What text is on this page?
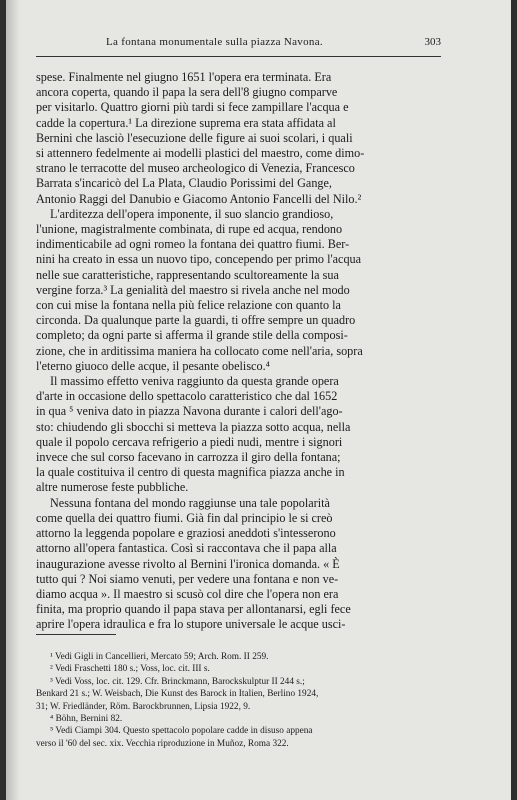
La fontana monumentale sulla piazza Navona.	303
spese. Finalmente nel giugno 1651 l'opera era terminata. Era
ancora coperta, quando il papa la sera dell'8 giugno comparve
per visitarlo. Quattro giorni più tardi si fece zampillare l'acqua e
cadde la copertura.¹ La direzione suprema era stata affidata al
Bernini che lasciò l'esecuzione delle figure ai suoi scolari, i quali
si attennero fedelmente ai modelli plastici del maestro, come dimo-
strano le terracotte del museo archeologico di Venezia, Francesco
Barrata s'incaricò del La Plata, Claudio Porissimi del Gange,
Antonio Raggi del Danubio e Giacomo Antonio Fancelli del Nilo.²
L'arditezza dell'opera imponente, il suo slancio grandioso,
l'unione, magistralmente combinata, di rupe ed acqua, rendono
indimenticabile ad ogni romeo la fontana dei quattro fiumi. Ber-
nini ha creato in essa un nuovo tipo, concependo per primo l'acqua
nelle sue caratteristiche, rappresentando scultoreamente la sua
vergine forza.³ La genialità del maestro si rivela anche nel modo
con cui mise la fontana nella più felice relazione con quanto la
circonda. Da qualunque parte la guardi, ti offre sempre un quadro
completo; da ogni parte si afferma il grande stile della composi-
zione, che in arditissima maniera ha collocato come nell'aria, sopra
l'eterno giuoco delle acque, il pesante obelisco.⁴
Il massimo effetto veniva raggiunto da questa grande opera
d'arte in occasione dello spettacolo caratteristico che dal 1652
in qua ⁵ veniva dato in piazza Navona durante i calori dell'ago-
sto: chiudendo gli sbocchi si metteva la piazza sotto acqua, nella
quale il popolo cercava refrigerio a piedi nudi, mentre i signori
invece che sul corso facevano in carrozza il giro della fontana;
la quale costituiva il centro di questa magnifica piazza anche in
altre numerose feste pubbliche.
Nessuna fontana del mondo raggiunse una tale popolarità
come quella dei quattro fiumi. Già fin dal principio le si creò
attorno la leggenda popolare e graziosi aneddoti s'intesserono
attorno all'opera fantastica. Così si raccontava che il papa alla
inaugurazione avesse rivolto al Bernini l'ironica domanda. « È
tutto qui ? Noi siamo venuti, per vedere una fontana e non ve-
diamo acqua ». Il maestro si scusò col dire che l'opera non era
finita, ma proprio quando il papa stava per allontanarsi, egli fece
aprire l'opera idraulica e fra lo stupore universale le acque usci-
¹ Vedi Gigli in Cancellieri, Mercato 59; Arch. Rom. II 259.
² Vedi Fraschetti 180 s.; Voss, loc. cit. III s.
³ Vedi Voss, loc. cit. 129. Cfr. Brinckmann, Barockskulptur II 244 s.;
Benkard 21 s.; W. Weisbach, Die Kunst des Barock in Italien, Berlino 1924,
31; W. Friedländer, Röm. Barockbrunnen, Lipsia 1922, 9.
⁴ Böhn, Bernini 82.
⁵ Vedi Ciampi 304. Questo spettacolo popolare cadde in disuso appena
verso il '60 del sec. xix. Vecchia riproduzione in Muñoz, Roma 322.
